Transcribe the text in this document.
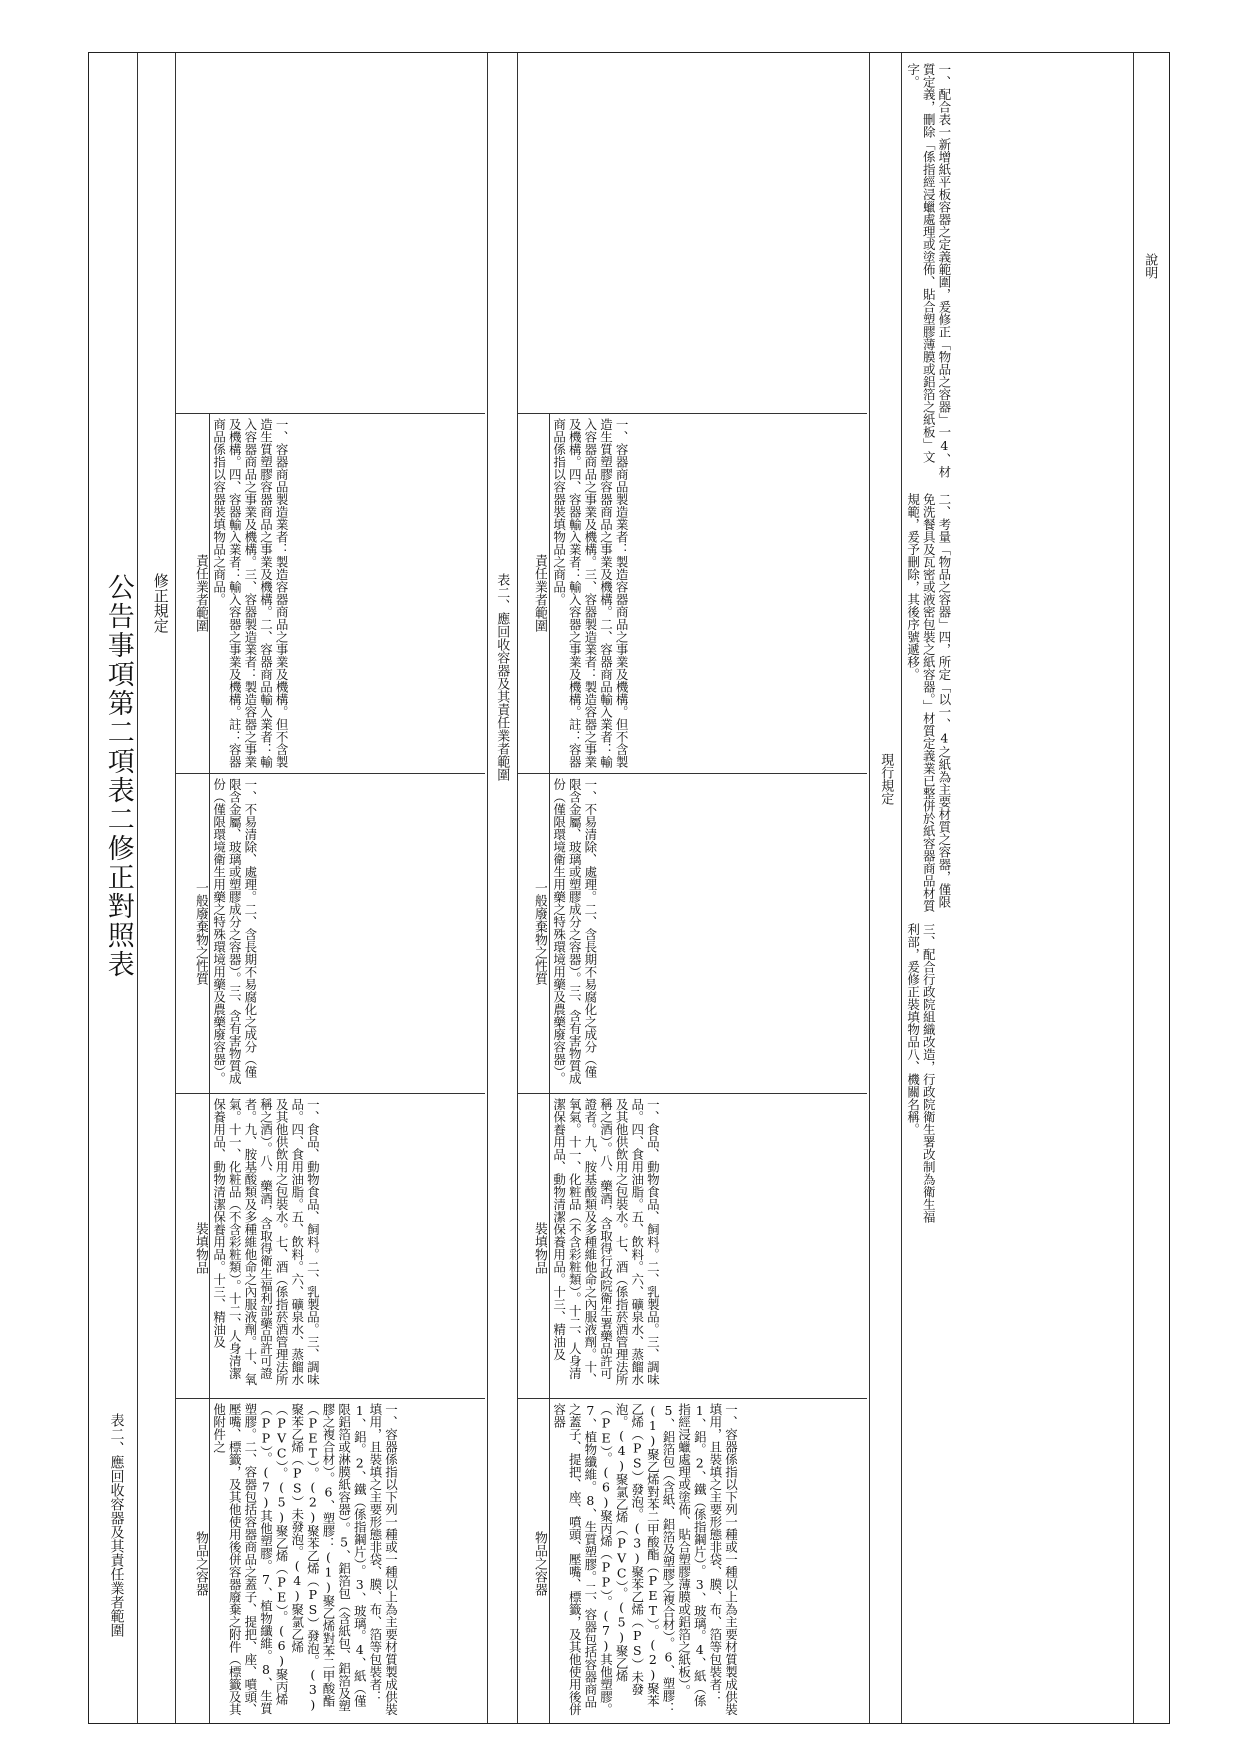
公告事項第二項表二修正對照表 修正規定
表二、應回收容器及其責任業者範圍	物品之容器
裝填物品
一般廢棄物之性質
責任業者範圍
一、容器係指以下列一種或一種以上為主要材質製成供裝填用，且裝填之主要形態非袋、膜、布、箔等包裝者：1、鋁。2、鐵（係指鋼片）。3、玻璃。4、紙（僅限鋁箔或淋膜紙容器）。5、鋁箔包（含紙包、鋁箔及塑膠之複合材）。6、塑膠：(1)聚乙烯對苯二甲酸酯（PET）。(2)聚苯乙烯（PS）發泡。(3)聚苯乙烯（PS）未發泡。(4)聚氯乙烯（PVC）。(5)聚乙烯（PE）。(6)聚丙烯（PP）。(7)其他塑膠。7、植物纖維。8、生質塑膠。二、容器包括容器商品之蓋子、提把、座、噴頭、壓嘴、標籤，及其他使用後併容器廢棄之附件（標籤及其他附件之
一、食品、動物食品、飼料。二、乳製品。三、調味品。四、食用油脂。五、飲料。六、礦泉水、蒸餾水及其他供飲用之包裝水。七、酒（係指菸酒管理法所稱之酒）。八、藥酒，含取得衛生福利部藥品許可證者。九、胺基酸類及多種維他命之內服液劑。十、氧氣。十一、化粧品（不含彩粧類）。十二、人身清潔保養用品、動物清潔保養用品。十三、精油及
一、不易清除、處理。二、含長期不易腐化之成分（僅限含金屬、玻璃或塑膠成分之容器）。三、含有害物質成份（僅限環境衛生用藥之特殊環境用藥及農藥廢容器）。
一、容器商品製造業者：製造容器商品之事業及機構。但不含製造生質塑膠容器商品之事業及機構。二、容器商品輸入業者：輸入容器商品之事業及機構。三、容器製造業者：製造容器之事業及機構。四、容器輸入業者：輸入容器之事業及機構。註：容器商品係指以容器裝填物品之商品。
表二、應回收容器及其責任業者範圍
物品之容器
裝填物品
一般廢棄物之性質
責任業者範圍
一、容器係指以下列一種或一種以上為主要材質製成供裝填用，且裝填之主要形態非袋、膜、布、箔等包裝者：1、鋁。2、鐵（係指鋼片）。3、玻璃。4、紙（係指經浸蠟處理或塗佈、貼合塑膠薄膜或鋁箔之紙板）。5、鋁箔包（含紙、鋁箔及塑膠之複合材）。6、塑膠：(1)聚乙烯對苯二甲酸酯（PET）。(2)聚苯乙烯（PS）發泡。(3)聚苯乙烯（PS）未發泡。(4)聚氯乙烯（PVC）。(5)聚乙烯（PE）。(6)聚丙烯（PP）。(7)其他塑膠。7、植物纖維。8、生質塑膠。二、容器包括容器商品之蓋子、提把、座、噴頭、壓嘴、標籤，及其他使用後併容器
一、食品、動物食品、飼料。二、乳製品。三、調味品。四、食用油脂。五、飲料。六、礦泉水、蒸餾水及其他供飲用之包裝水。七、酒（係指菸酒管理法所稱之酒）。八、藥酒，含取得行政院衛生署藥品許可證者。九、胺基酸類及多種維他命之內服液劑。十、氧氣。十一、化粧品（不含彩粧類）。十二、人身清潔保養用品、動物清潔保養用品。十三、精油及
一、不易清除、處理。二、含長期不易腐化之成分（僅限含金屬、玻璃或塑膠成分之容器）。三、含有害物質成份（僅限環境衛生用藥之特殊環境用藥及農藥廢容器）。
一、容器商品製造業者：製造容器商品之事業及機構。但不含製造生質塑膠容器商品之事業及機構。二、容器商品輸入業者：輸入容器商品之事業及機構。三、容器製造業者：製造容器之事業及機構。四、容器輸入業者：輸入容器之事業及機構。註：容器商品係指以容器裝填物品之商品。
現行規定
說明
一、配合表一新增紙平板容器之定義範圍，爰修正「物品之容器」一4、材質定義，刪除「係指經浸蠟處理或塗佈、貼合塑膠薄膜或鋁箔之紙板」文字。
二、考量「物品之容器」四，所定「以一、4之紙為主要材質之容器，僅限免洗餐具及瓦密或液密包裝之紙容器。」材質定義業已整併於紙容器商品材質規範，爰予刪除，其後序號遞移。
三、配合行政院組織改造，行政院衛生署改制為衛生福利部，爰修正裝填物品八、機關名稱。
